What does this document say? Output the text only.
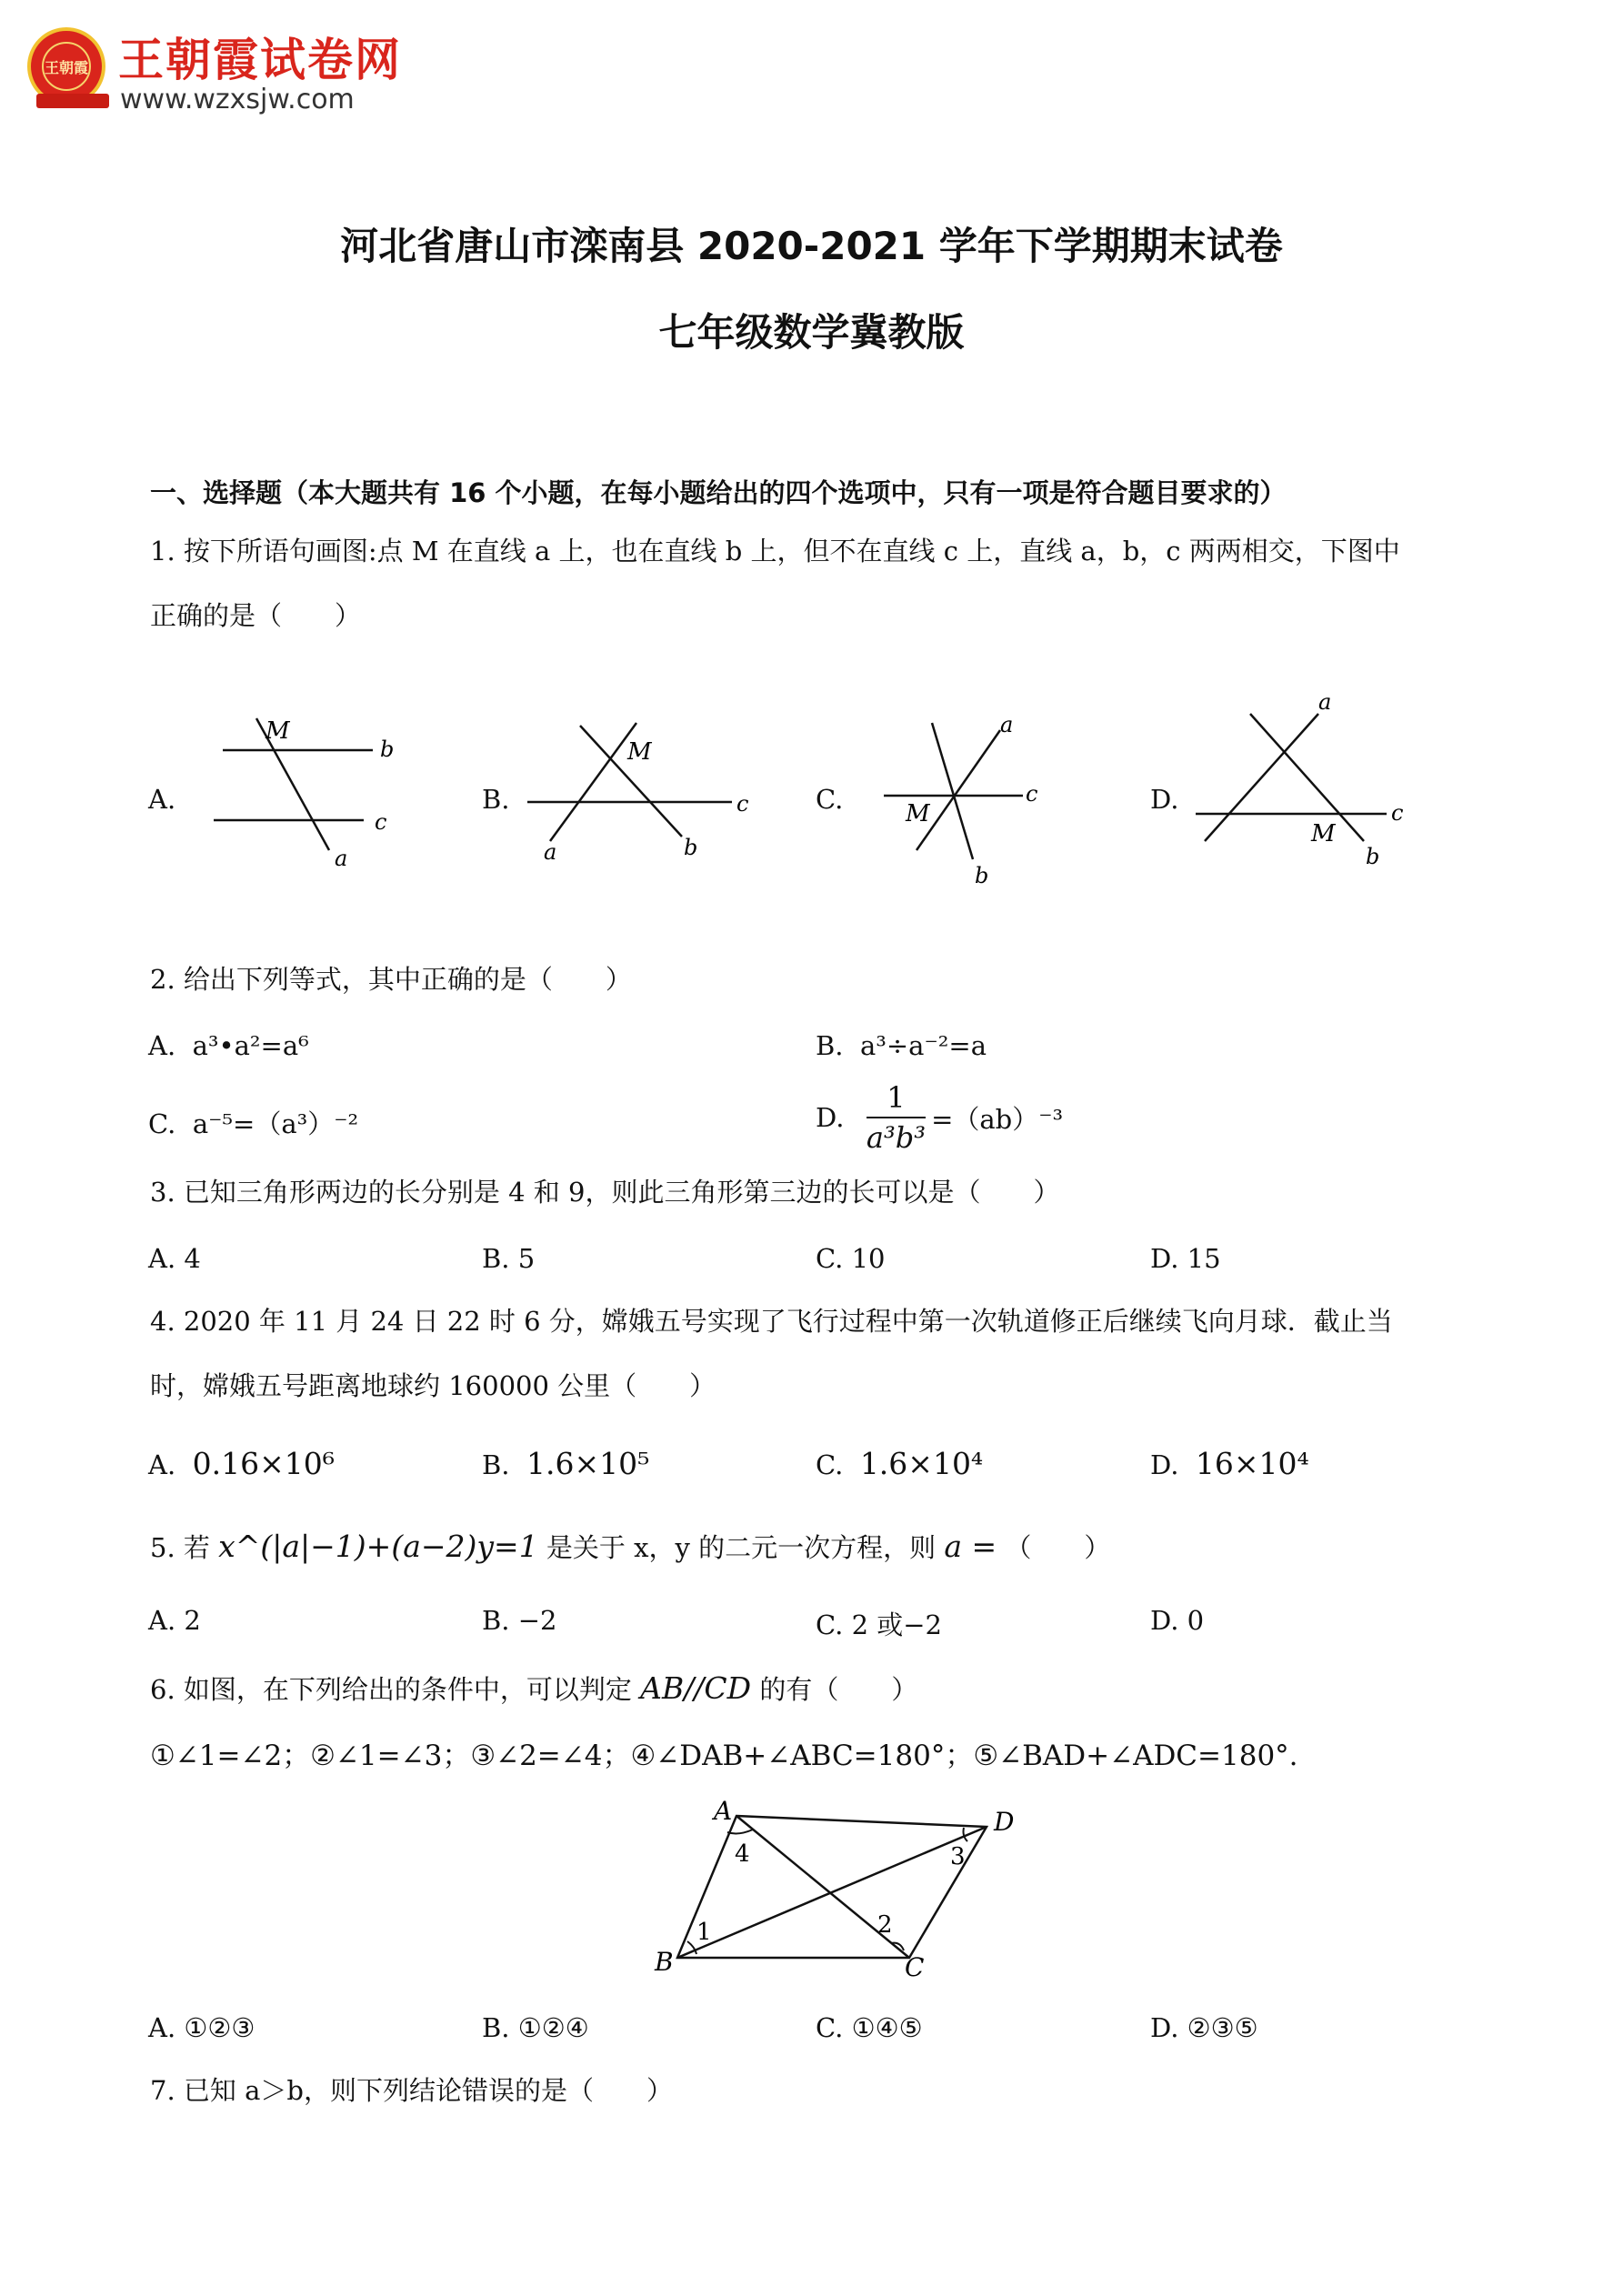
王朝霞 王朝霞试卷网
www.wzxsjw.com
河北省唐山市滦南县 2020-2021 学年下学期期末试卷
七年级数学冀教版
一、选择题（本大题共有 16 个小题，在每小题给出的四个选项中，只有一项是符合题目要求的）
1. 按下所语句画图:点 M 在直线 a 上，也在直线 b 上，但不在直线 c 上，直线 a，b，c 两两相交，下图中
正确的是（　　）
A.	B.	C.	D.
M
b
c
a
M
c
a	b
a
c
M
b
a
c
M
b
2. 给出下列等式，其中正确的是（　　）
A. a³•a²=a⁶	B. a³÷a⁻²=a
C. a⁻⁵=（a³）⁻²	D.
$\frac{1}{\text{a³b³}} =(ab)^{-3}$
3. 已知三角形两边的长分别是 4 和 9，则此三角形第三边的长可以是（　　）
A. 4	B. 5	C. 10	D. 15
4. 2020 年 11 月 24 日 22 时 6 分，嫦娥五号实现了飞行过程中第一次轨道修正后继续飞向月球．截止当
时，嫦娥五号距离地球约 160000 公里（　　）
A. 0.16×10⁶	B. 1.6×10⁵	C. 1.6×10⁴	D. 16×10⁴
5. 若 x^(|a|−1)+(a−2)y=1 是关于 x，y 的二元一次方程，则 a = （　　）
A. 2	B. −2	C. 2 或−2	D. 0
6. 如图，在下列给出的条件中，可以判定 AB//CD 的有（　　）
①∠1=∠2；②∠1=∠3；③∠2=∠4；④∠DAB+∠ABC=180°；⑤∠BAD+∠ADC=180°.
A	D
B	C
1	2
3
4
A. ①②③	B. ①②④	C. ①④⑤	D. ②③⑤
7. 已知 a＞b，则下列结论错误的是（　　）
